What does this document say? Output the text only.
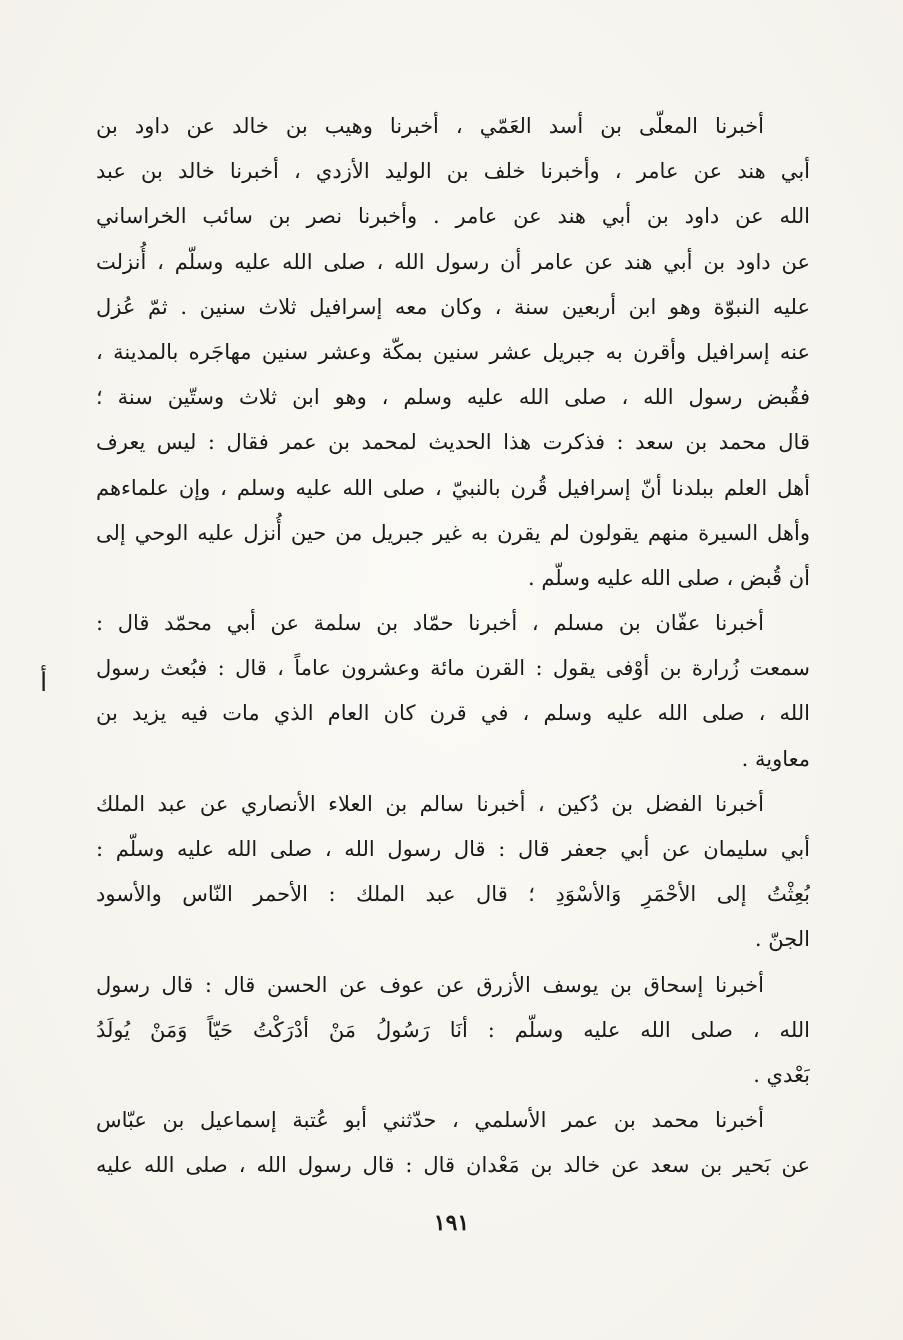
أخبرنا المعلّى بن أسد العَمّي ، أخبرنا وهيب بن خالد عن داود بن
أبي هند عن عامر ، وأخبرنا خلف بن الوليد الأزدي ، أخبرنا خالد بن عبد
الله عن داود بن أبي هند عن عامر . وأخبرنا نصر بن سائب الخراساني
عن داود بن أبي هند عن عامر أن رسول الله ، صلى الله عليه وسلّم ، أُنزلت
عليه النبوّة وهو ابن أربعين سنة ، وكان معه إسرافيل ثلاث سنين . ثمّ عُزل
عنه إسرافيل وأقرن به جبريل عشر سنين بمكّة وعشر سنين مهاجَره بالمدينة ،
فقُبض رسول الله ، صلى الله عليه وسلم ، وهو ابن ثلاث وستّين سنة ؛
قال محمد بن سعد : فذكرت هذا الحديث لمحمد بن عمر فقال : ليس يعرف
أهل العلم ببلدنا أنّ إسرافيل قُرن بالنبيّ ، صلى الله عليه وسلم ، وإن علماءهم
وأهل السيرة منهم يقولون لم يقرن به غير جبريل من حين أُنزل عليه الوحي إلى
أن قُبض ، صلى الله عليه وسلّم .
أخبرنا عفّان بن مسلم ، أخبرنا حمّاد بن سلمة عن أبي محمّد قال :
سمعت زُرارة بن أوْفى يقول : القرن مائة وعشرون عاماً ، قال : فبُعث رسول
الله ، صلى الله عليه وسلم ، في قرن كان العام الذي مات فيه يزيد بن
معاوية .
أخبرنا الفضل بن دُكين ، أخبرنا سالم بن العلاء الأنصاري عن عبد الملك
أبي سليمان عن أبي جعفر قال : قال رسول الله ، صلى الله عليه وسلّم :
بُعِثْتُ إلى الأحْمَرِ وَالأسْوَدِ ؛ قال عبد الملك : الأحمر النّاس والأسود
الجنّ .
أخبرنا إسحاق بن يوسف الأزرق عن عوف عن الحسن قال : قال رسول
الله ، صلى الله عليه وسلّم : أنَا رَسُولُ مَنْ أدْرَكْتُ حَيّاً وَمَنْ يُولَدُ
بَعْدي .
أخبرنا محمد بن عمر الأسلمي ، حدّثني أبو عُتبة إسماعيل بن عبّاس
عن بَحير بن سعد عن خالد بن مَعْدان قال : قال رسول الله ، صلى الله عليه
أ
١٩١
